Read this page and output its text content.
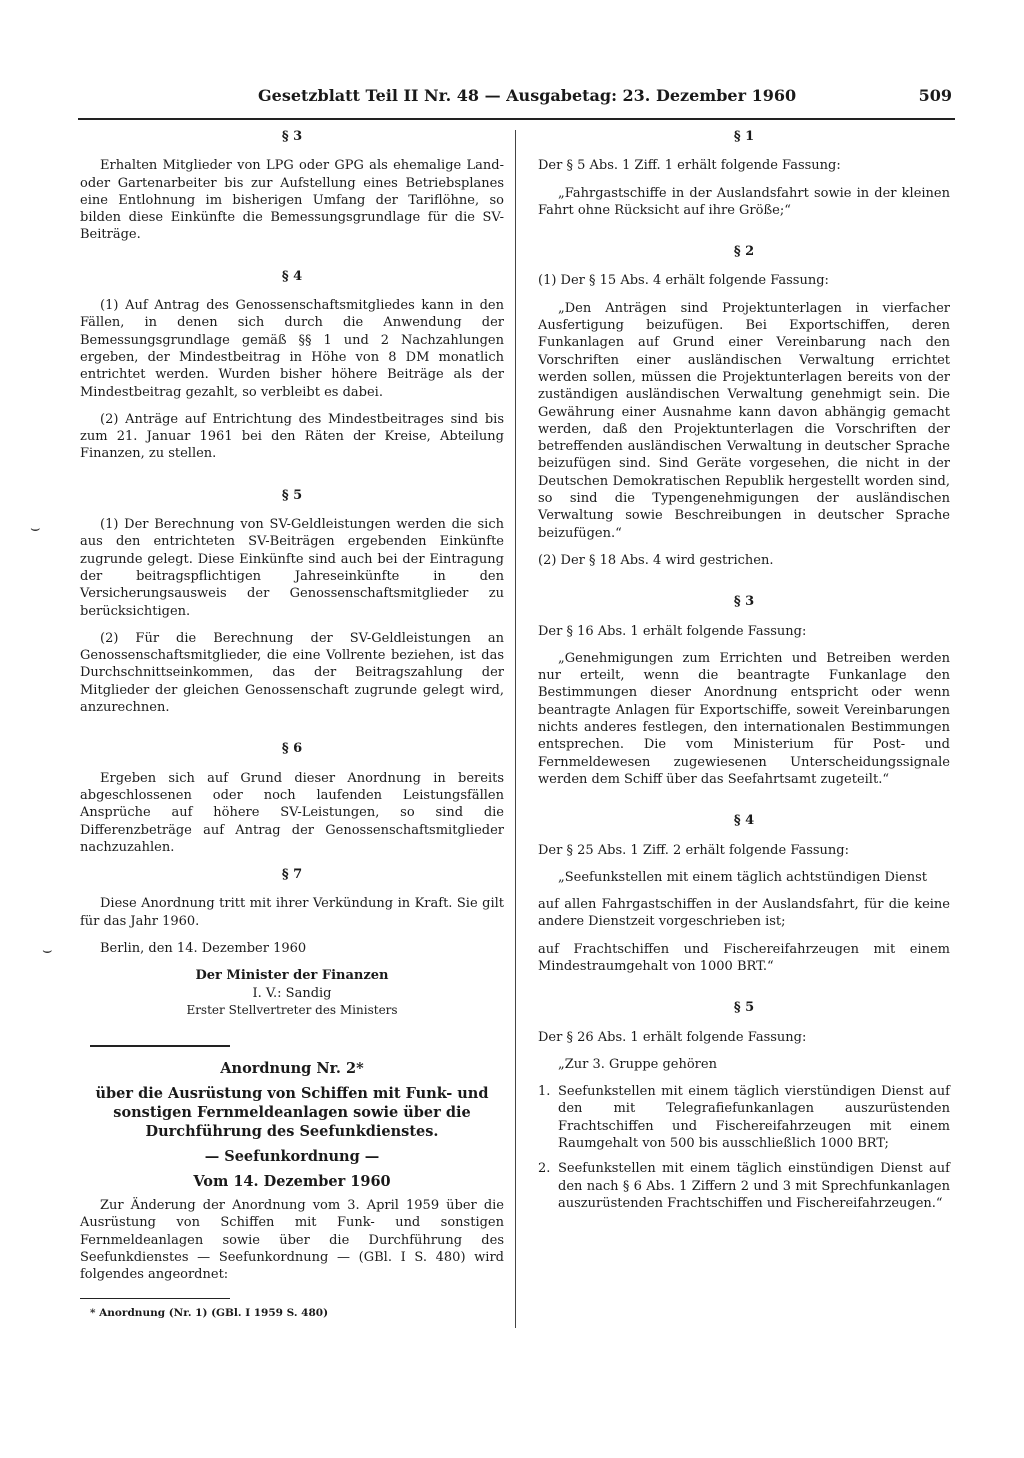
Gesetzblatt Teil II Nr. 48 — Ausgabetag: 23. Dezember 1960	509
⌣
⌣
§ 3
Erhalten Mitglieder von LPG oder GPG als ehemalige Land- oder Gartenarbeiter bis zur Aufstellung eines Betriebsplanes eine Entlohnung im bisherigen Umfang der Tariflöhne, so bilden diese Einkünfte die Bemessungsgrundlage für die SV-Beiträge.
§ 4
(1) Auf Antrag des Genossenschaftsmitgliedes kann in den Fällen, in denen sich durch die Anwendung der Bemessungsgrundlage gemäß §§ 1 und 2 Nachzahlungen ergeben, der Mindestbeitrag in Höhe von 8 DM monatlich entrichtet werden. Wurden bisher höhere Beiträge als der Mindestbeitrag gezahlt, so verbleibt es dabei.
(2) Anträge auf Entrichtung des Mindestbeitrages sind bis zum 21. Januar 1961 bei den Räten der Kreise, Abteilung Finanzen, zu stellen.
§ 5
(1) Der Berechnung von SV-Geldleistungen werden die sich aus den entrichteten SV-Beiträgen ergebenden Einkünfte zugrunde gelegt. Diese Einkünfte sind auch bei der Eintragung der beitragspflichtigen Jahreseinkünfte in den Versicherungsausweis der Genossenschaftsmitglieder zu berücksichtigen.
(2) Für die Berechnung der SV-Geldleistungen an Genossenschaftsmitglieder, die eine Vollrente beziehen, ist das Durchschnittseinkommen, das der Beitragszahlung der Mitglieder der gleichen Genossenschaft zugrunde gelegt wird, anzurechnen.
§ 6
Ergeben sich auf Grund dieser Anordnung in bereits abgeschlossenen oder noch laufenden Leistungsfällen Ansprüche auf höhere SV-Leistungen, so sind die Differenzbeträge auf Antrag der Genossenschaftsmitglieder nachzuzahlen.
§ 7
Diese Anordnung tritt mit ihrer Verkündung in Kraft. Sie gilt für das Jahr 1960.
Berlin, den 14. Dezember 1960
Der Minister der Finanzen
I. V.: Sandig
Erster Stellvertreter des Ministers
Anordnung Nr. 2*
über die Ausrüstung von Schiffen mit Funk- und sonstigen Fernmeldeanlagen sowie über die Durchführung des Seefunkdienstes.
— Seefunkordnung —
Vom 14. Dezember 1960
Zur Änderung der Anordnung vom 3. April 1959 über die Ausrüstung von Schiffen mit Funk- und sonstigen Fernmeldeanlagen sowie über die Durchführung des Seefunkdienstes — Seefunkordnung — (GBl. I S. 480) wird folgendes angeordnet:
* Anordnung (Nr. 1) (GBl. I 1959 S. 480)
§ 1
Der § 5 Abs. 1 Ziff. 1 erhält folgende Fassung:
„Fahrgastschiffe in der Auslandsfahrt sowie in der kleinen Fahrt ohne Rücksicht auf ihre Größe;“
§ 2
(1) Der § 15 Abs. 4 erhält folgende Fassung:
„Den Anträgen sind Projektunterlagen in vierfacher Ausfertigung beizufügen. Bei Exportschiffen, deren Funkanlagen auf Grund einer Vereinbarung nach den Vorschriften einer ausländischen Verwaltung errichtet werden sollen, müssen die Projektunterlagen bereits von der zuständigen ausländischen Verwaltung genehmigt sein. Die Gewährung einer Ausnahme kann davon abhängig gemacht werden, daß den Projektunterlagen die Vorschriften der betreffenden ausländischen Verwaltung in deutscher Sprache beizufügen sind. Sind Geräte vorgesehen, die nicht in der Deutschen Demokratischen Republik hergestellt worden sind, so sind die Typengenehmigungen der ausländischen Verwaltung sowie Beschreibungen in deutscher Sprache beizufügen.“
(2) Der § 18 Abs. 4 wird gestrichen.
§ 3
Der § 16 Abs. 1 erhält folgende Fassung:
„Genehmigungen zum Errichten und Betreiben werden nur erteilt, wenn die beantragte Funkanlage den Bestimmungen dieser Anordnung entspricht oder wenn beantragte Anlagen für Exportschiffe, soweit Vereinbarungen nichts anderes festlegen, den internationalen Bestimmungen entsprechen. Die vom Ministerium für Post- und Fernmeldewesen zugewiesenen Unterscheidungssignale werden dem Schiff über das Seefahrtsamt zugeteilt.“
§ 4
Der § 25 Abs. 1 Ziff. 2 erhält folgende Fassung:
„Seefunkstellen mit einem täglich achtstündigen Dienst
auf allen Fahrgastschiffen in der Auslandsfahrt, für die keine andere Dienstzeit vorgeschrieben ist;
auf Frachtschiffen und Fischereifahrzeugen mit einem Mindestraumgehalt von 1000 BRT.“
§ 5
Der § 26 Abs. 1 erhält folgende Fassung:
„Zur 3. Gruppe gehören
1. Seefunkstellen mit einem täglich vierstündigen Dienst auf den mit Telegrafiefunkanlagen auszurüstenden Frachtschiffen und Fischereifahrzeugen mit einem Raumgehalt von 500 bis ausschließlich 1000 BRT;
2. Seefunkstellen mit einem täglich einstündigen Dienst auf den nach § 6 Abs. 1 Ziffern 2 und 3 mit Sprechfunkanlagen auszurüstenden Frachtschiffen und Fischereifahrzeugen.“
